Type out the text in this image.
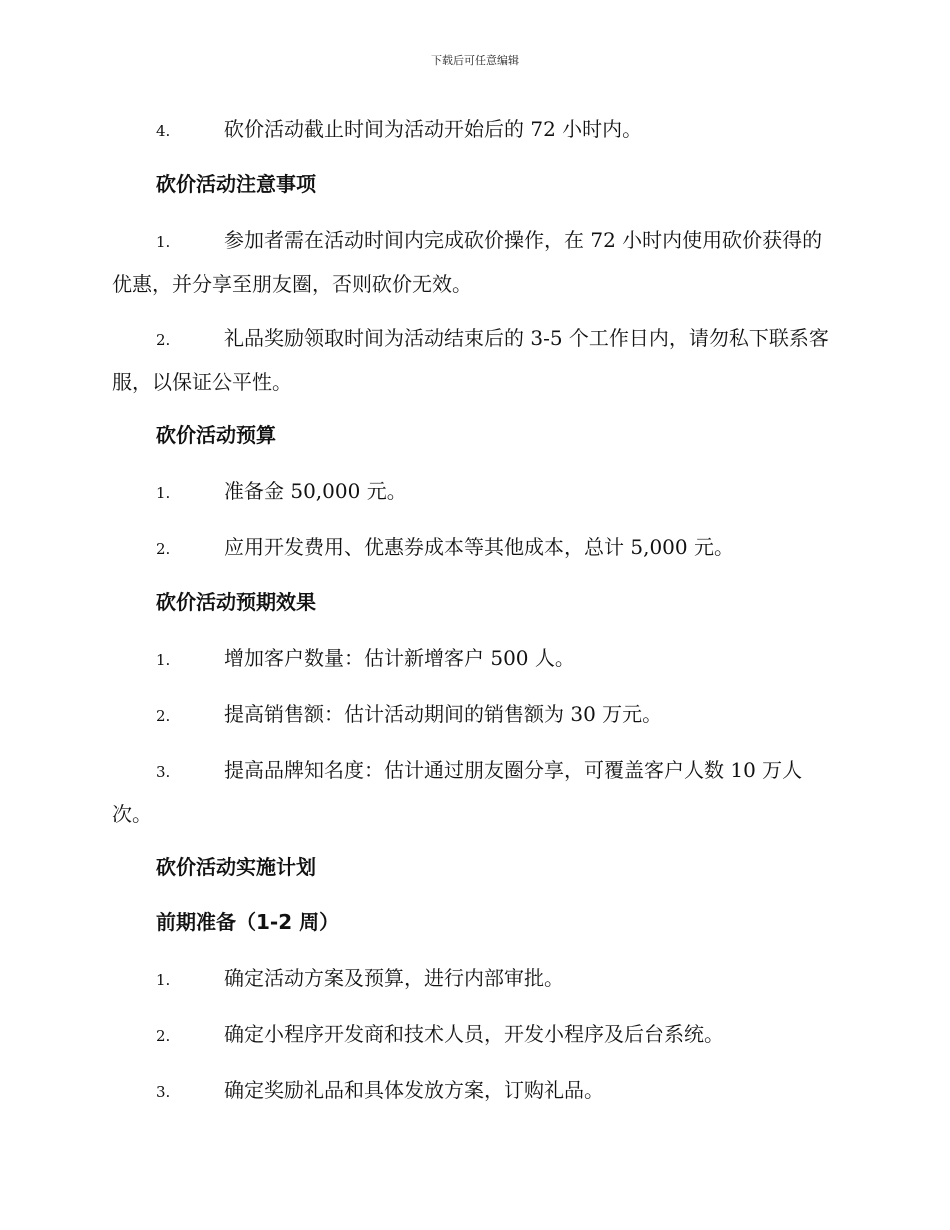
下载后可任意编辑
4.	砍价活动截止时间为活动开始后的 72 小时内。
砍价活动注意事项
1.	参加者需在活动时间内完成砍价操作，在 72 小时内使用砍价获得的优惠，并分享至朋友圈，否则砍价无效。
2.	礼品奖励领取时间为活动结束后的 3-5 个工作日内，请勿私下联系客服，以保证公平性。
砍价活动预算
1.	准备金 50,000 元。
2.	应用开发费用、优惠券成本等其他成本，总计 5,000 元。
砍价活动预期效果
1.	增加客户数量：估计新增客户 500 人。
2.	提高销售额：估计活动期间的销售额为 30 万元。
3.	提高品牌知名度：估计通过朋友圈分享，可覆盖客户人数 10 万人次。
砍价活动实施计划
前期准备（1-2 周）
1.	确定活动方案及预算，进行内部审批。
2.	确定小程序开发商和技术人员，开发小程序及后台系统。
3.	确定奖励礼品和具体发放方案，订购礼品。
